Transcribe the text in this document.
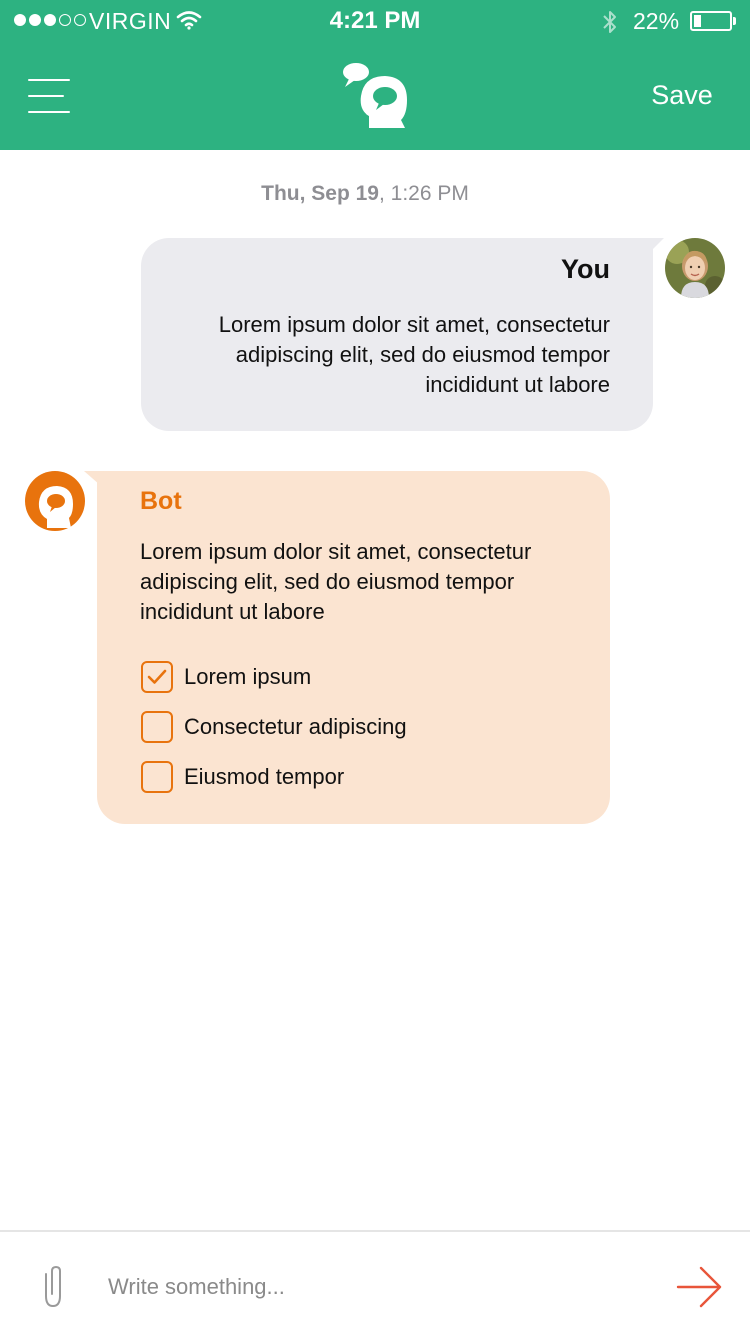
VIRGIN	4:21 PM	22%
Save
Thu, Sep 19, 1:26 PM
You
Lorem ipsum dolor sit amet, consectetur adipiscing elit, sed do eiusmod tempor incididunt ut labore
Bot
Lorem ipsum dolor sit amet, consectetur adipiscing elit, sed do eiusmod tempor incididunt ut labore
Lorem ipsum
Consectetur adipiscing
Eiusmod tempor
Write something...
